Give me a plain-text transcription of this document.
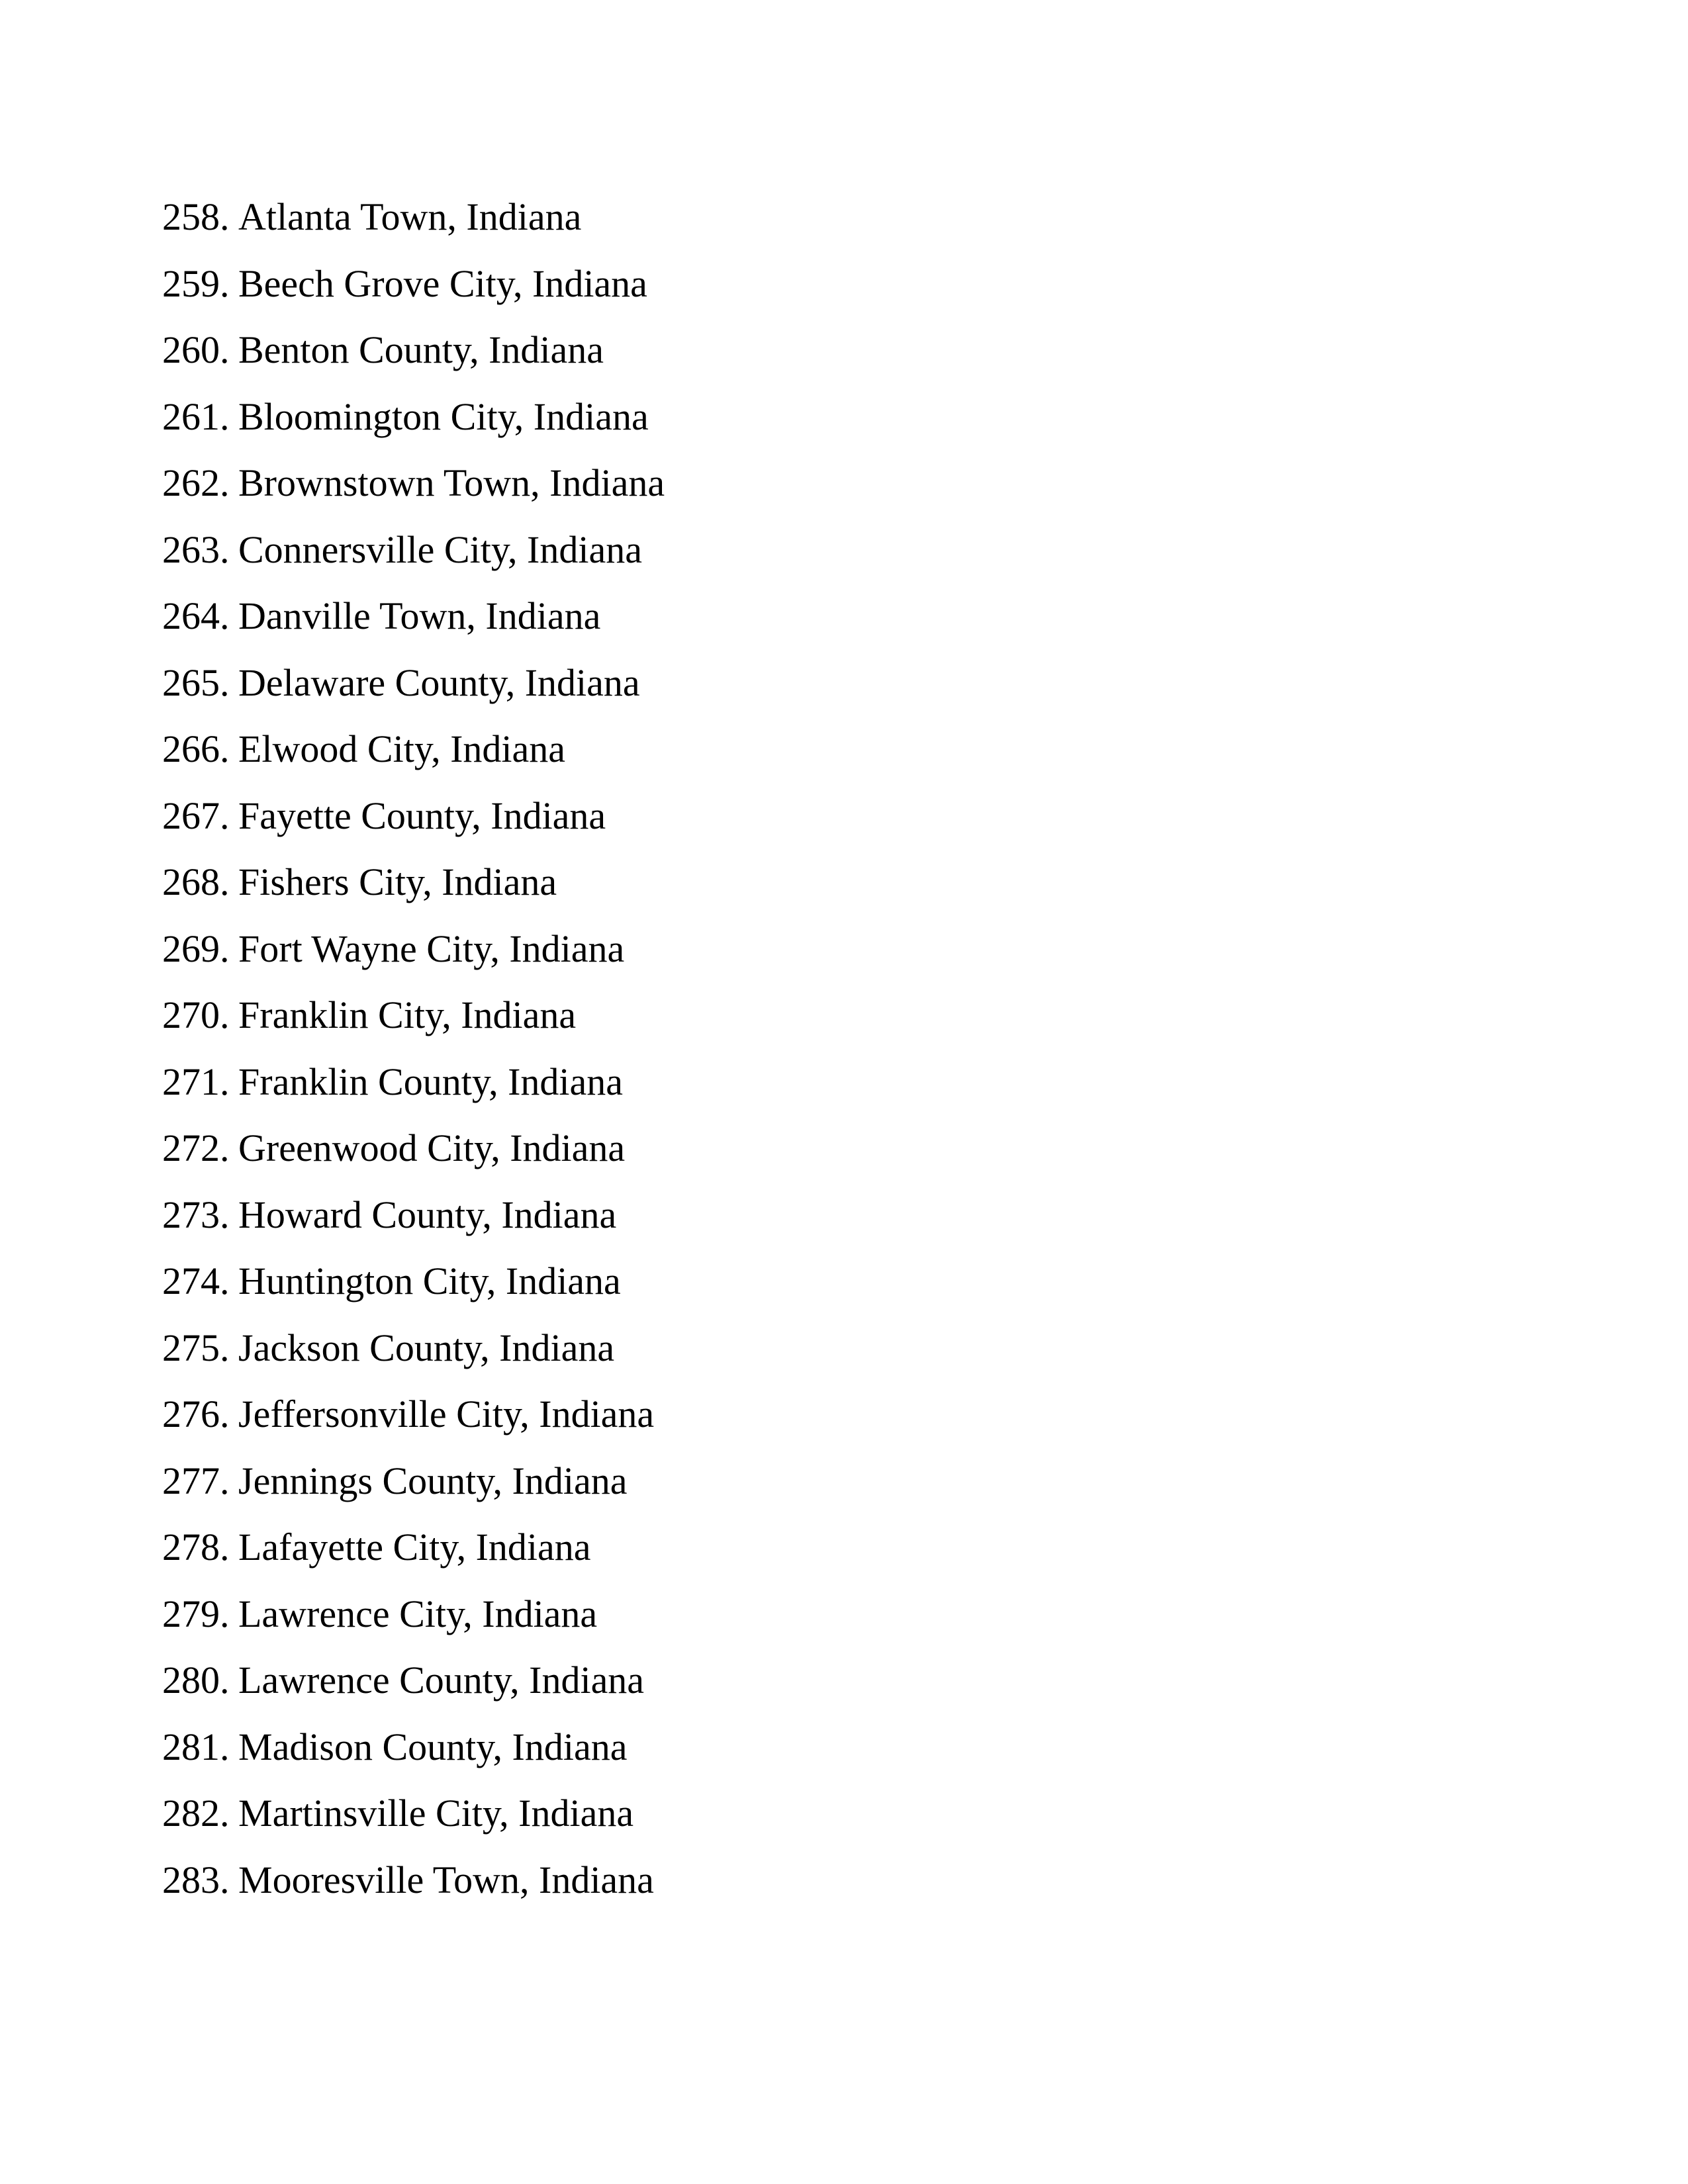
258. Atlanta Town, Indiana
259. Beech Grove City, Indiana
260. Benton County, Indiana
261. Bloomington City, Indiana
262. Brownstown Town, Indiana
263. Connersville City, Indiana
264. Danville Town, Indiana
265. Delaware County, Indiana
266. Elwood City, Indiana
267. Fayette County, Indiana
268. Fishers City, Indiana
269. Fort Wayne City, Indiana
270. Franklin City, Indiana
271. Franklin County, Indiana
272. Greenwood City, Indiana
273. Howard County, Indiana
274. Huntington City, Indiana
275. Jackson County, Indiana
276. Jeffersonville City, Indiana
277. Jennings County, Indiana
278. Lafayette City, Indiana
279. Lawrence City, Indiana
280. Lawrence County, Indiana
281. Madison County, Indiana
282. Martinsville City, Indiana
283. Mooresville Town, Indiana
